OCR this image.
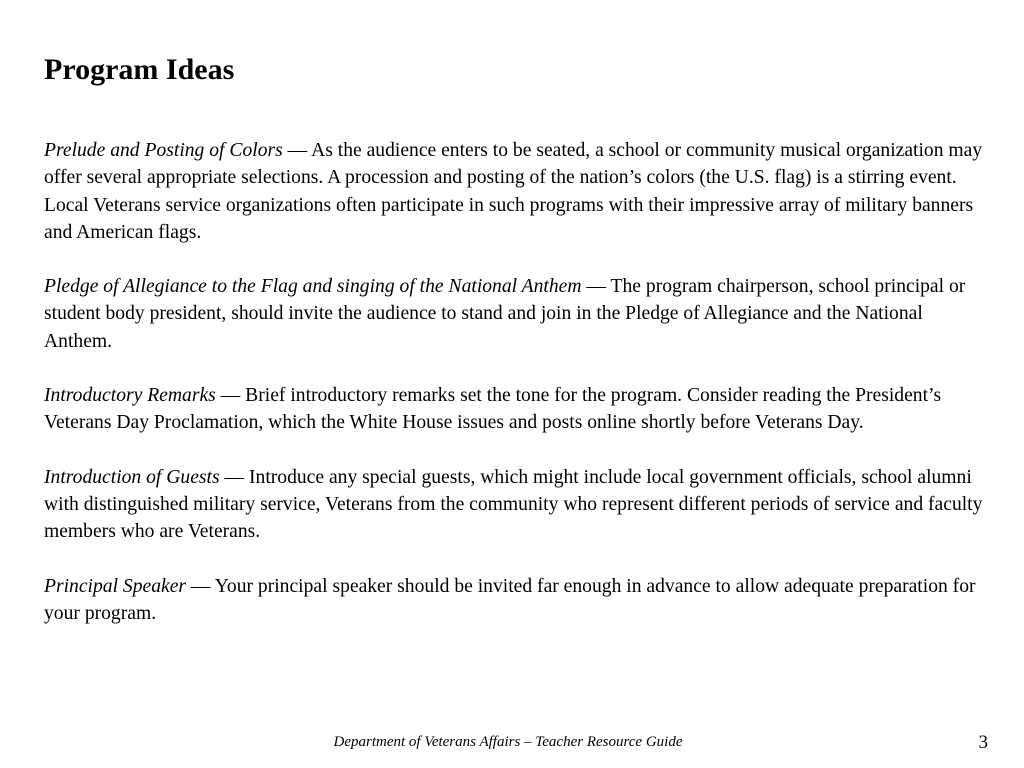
Program Ideas

Prelude and Posting of Colors — As the audience enters to be seated, a school or community musical organization may offer several appropriate selections. A procession and posting of the nation’s colors (the U.S. flag) is a stirring event. Local Veterans service organizations often participate in such programs with their impressive array of military banners and American flags.

Pledge of Allegiance to the Flag and singing of the National Anthem — The program chairperson, school principal or student body president, should invite the audience to stand and join in the Pledge of Allegiance and the National Anthem.

Introductory Remarks — Brief introductory remarks set the tone for the program. Consider reading the President’s Veterans Day Proclamation, which the White House issues and posts online shortly before Veterans Day.

Introduction of Guests — Introduce any special guests, which might include local government officials, school alumni with distinguished military service, Veterans from the community who represent different periods of service and faculty members who are Veterans.

Principal Speaker — Your principal speaker should be invited far enough in advance to allow adequate preparation for your program.

Department of Veterans Affairs – Teacher Resource Guide	3
